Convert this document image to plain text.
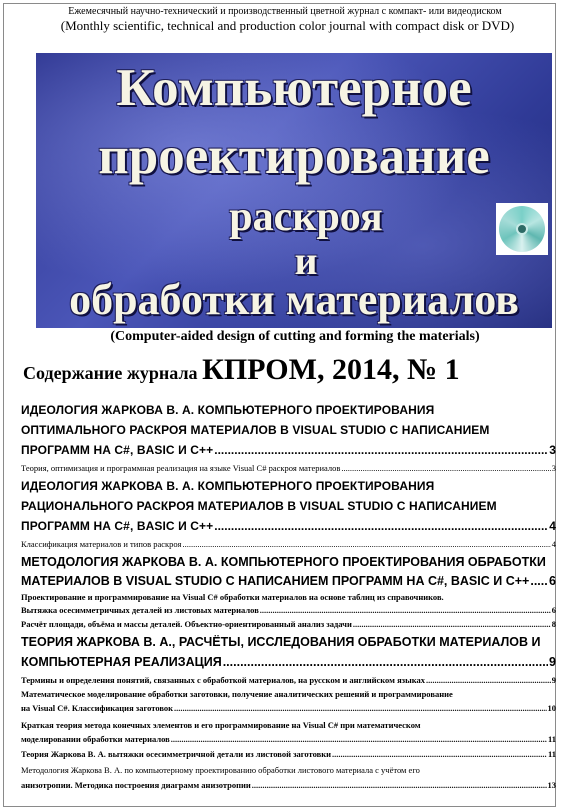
Ежемесячный научно-технический и производственный цветной журнал с компакт- или видеодиском
(Monthly scientific, technical and production color journal with compact disk or DVD)
Компьютерное
проектирование
раскроя
и
обработки материалов
(Computer-aided design of cutting and forming the materials)
Содержание журнала КПРОМ, 2014, № 1
ИДЕОЛОГИЯ ЖАРКОВА В. А. КОМПЬЮТЕРНОГО ПРОЕКТИРОВАНИЯ
ОПТИМАЛЬНОГО РАСКРОЯ МАТЕРИАЛОВ В VISUAL STUDIO С НАПИСАНИЕМ
ПРОГРАММ НА C#, BASIC И C++ .....	3
Теория, оптимизация и программная реализация на языке Visual C# раскроя материалов .....	3
ИДЕОЛОГИЯ ЖАРКОВА В. А. КОМПЬЮТЕРНОГО ПРОЕКТИРОВАНИЯ
РАЦИОНАЛЬНОГО РАСКРОЯ МАТЕРИАЛОВ В VISUAL STUDIO С НАПИСАНИЕМ
ПРОГРАММ НА C#, BASIC И C++ .....	4
Классификация материалов и типов раскроя .....	4
МЕТОДОЛОГИЯ ЖАРКОВА В. А. КОМПЬЮТЕРНОГО ПРОЕКТИРОВАНИЯ ОБРАБОТКИ
МАТЕРИАЛОВ В VISUAL STUDIO С НАПИСАНИЕМ ПРОГРАММ НА C#, BASIC И C++ ..... 6
Проектирование и программирование на Visual C# обработки материалов на основе таблиц из справочников.
Вытяжка осесимметричных деталей из листовых материалов .....	6
Расчёт площади, объёма и массы деталей. Объектно-ориентированный анализ задачи .....	8
ТЕОРИЯ ЖАРКОВА В. А., РАСЧЁТЫ, ИССЛЕДОВАНИЯ ОБРАБОТКИ МАТЕРИАЛОВ И
КОМПЬЮТЕРНАЯ РЕАЛИЗАЦИЯ .....	9
Термины и определения понятий, связанных с обработкой материалов, на русском и английском языках .....	9
Математическое моделирование обработки заготовки, получение аналитических решений и программирование
на Visual C#. Классификация заготовок .....	10
Краткая теория метода конечных элементов и его программирование на Visual C# при математическом
моделировании обработки материалов .....	11
Теория Жаркова В. А. вытяжки осесимметричной детали из листовой заготовки .....	11
Методология Жаркова В. А. по компьютерному проектированию обработки листового материала с учётом его
анизотропии. Методика построения диаграмм анизотропии .....	13
